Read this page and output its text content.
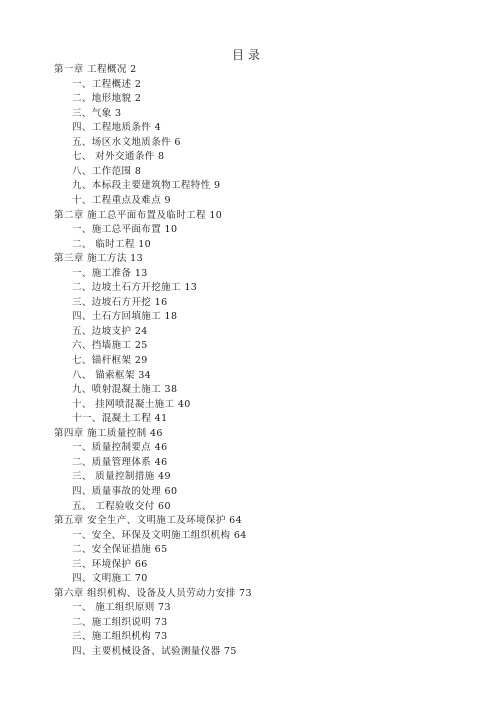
目录
第一章 工程概况 2
一、工程概述 2
二、地形地貌 2
三、气象 3
四、工程地质条件 4
五、场区水文地质条件 6
七、 对外交通条件 8
八、工作范围 8
九、本标段主要建筑物工程特性 9
十、工程重点及难点 9
第二章 施工总平面布置及临时工程 10
一、施工总平面布置 10
二、 临时工程 10
第三章 施工方法 13
一、施工准备 13
二、边坡土石方开挖施工 13
三、边坡石方开挖 16
四、土石方回填施工 18
五、边坡支护 24
六、挡墙施工 25
七、锚杆框架 29
八、 锚索框架 34
九、喷射混凝土施工 38
十、 挂网喷混凝土施工 40
十一、混凝土工程 41
第四章 施工质量控制 46
一、质量控制要点 46
二、质量管理体系 46
三、 质量控制措施 49
四、质量事故的处理 60
五、 工程验收交付 60
第五章 安全生产、文明施工及环境保护 64
一、安全、环保及文明施工组织机构 64
二、安全保证措施 65
三、环境保护 66
四、文明施工 70
第六章 组织机构、设备及人员劳动力安排 73
一、 施工组织原则 73
二、施工组织说明 73
三、施工组织机构 73
四、主要机械设备、试验测量仪器 75
